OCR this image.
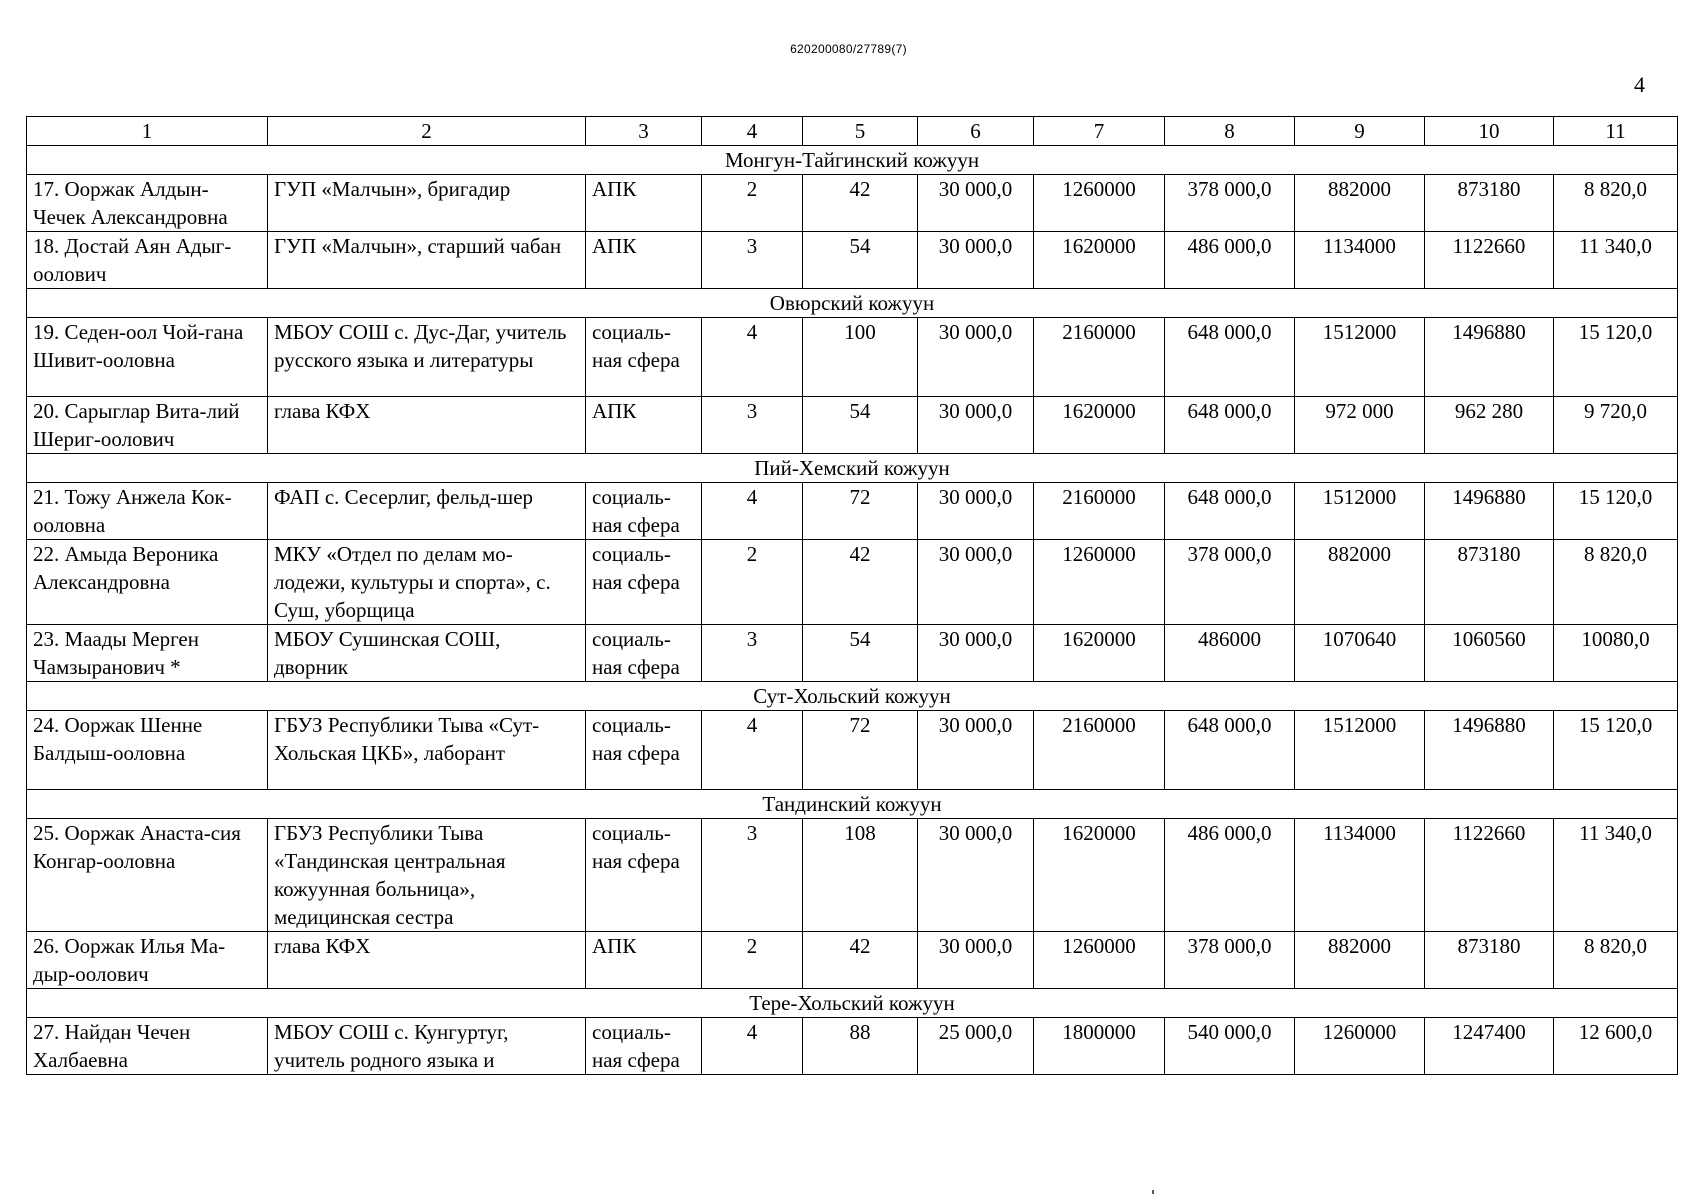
620200080/27789(7)
4
1	2	3	4	5	6	7	8	9	10	11
Монгун-Тайгинский кожуун										
17. Ооржак Алдын-Чечек Александровна	ГУП «Малчын», бригадир	АПК	2	42	30 000,0	1260000	378 000,0	882000	873180	8 820,0
18. Достай Аян Адыг-оолович	ГУП «Малчын», старший чабан	АПК	3	54	30 000,0	1620000	486 000,0	1134000	1122660	11 340,0
Овюрский кожуун										
19. Седен-оол Чой-гана Шивит-ооловна	МБОУ СОШ с. Дус-Даг, учитель русского языка и литературы	социаль-ная сфера	4	100	30 000,0	2160000	648 000,0	1512000	1496880	15 120,0
20. Сарыглар Вита-лий Шериг-оолович	глава КФХ	АПК	3	54	30 000,0	1620000	648 000,0	972 000	962 280	9 720,0
Пий-Хемский кожуун										
21. Тожу Анжела Кок-ооловна	ФАП с. Сесерлиг, фельд-шер	социаль-ная сфера	4	72	30 000,0	2160000	648 000,0	1512000	1496880	15 120,0
22. Амыда Вероника Александровна	МКУ «Отдел по делам мо-лодежи, культуры и спорта», с. Суш, уборщица	социаль-ная сфера	2	42	30 000,0	1260000	378 000,0	882000	873180	8 820,0
23. Маады Мерген Чамзыранович *	МБОУ Сушинская СОШ, дворник	социаль-ная сфера	3	54	30 000,0	1620000	486000	1070640	1060560	10080,0
Сут-Хольский кожуун										
24. Ооржак Шенне Балдыш-ооловна	ГБУЗ Республики Тыва «Сут-Хольская ЦКБ», лаборант	социаль-ная сфера	4	72	30 000,0	2160000	648 000,0	1512000	1496880	15 120,0
Тандинский кожуун										
25. Ооржак Анаста-сия Конгар-ооловна	ГБУЗ Республики Тыва «Тандинская центральная кожуунная больница», медицинская сестра	социаль-ная сфера	3	108	30 000,0	1620000	486 000,0	1134000	1122660	11 340,0
26. Ооржак Илья Ма-дыр-оолович	глава КФХ	АПК	2	42	30 000,0	1260000	378 000,0	882000	873180	8 820,0
Тере-Хольский кожуун										
27. Найдан Чечен Халбаевна	МБОУ СОШ с. Кунгуртуг, учитель родного языка и	социаль-ная сфера	4	88	25 000,0	1800000	540 000,0	1260000	1247400	12 600,0
